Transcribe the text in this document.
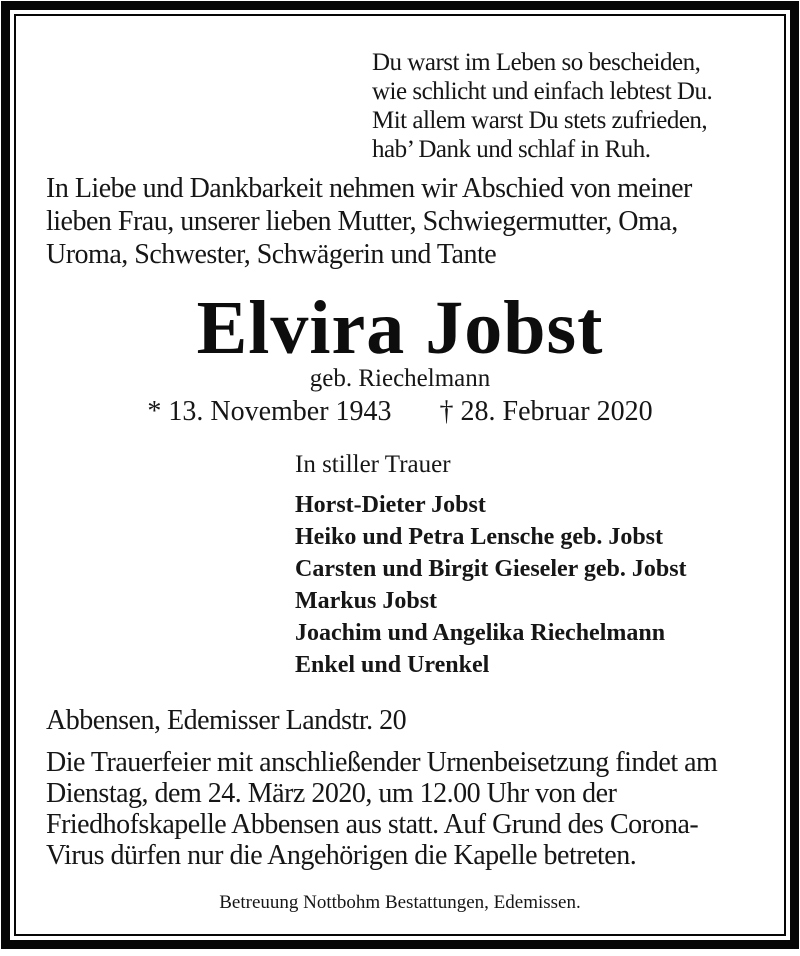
Du warst im Leben so bescheiden,
wie schlicht und einfach lebtest Du.
Mit allem warst Du stets zufrieden,
hab’ Dank und schlaf in Ruh.
In Liebe und Dankbarkeit nehmen wir Abschied von meiner
lieben Frau, unserer lieben Mutter, Schwiegermutter, Oma,
Uroma, Schwester, Schwägerin und Tante
Elvira Jobst
geb. Riechelmann
* 13. November 1943 † 28. Februar 2020
In stiller Trauer
Horst-Dieter Jobst
Heiko und Petra Lensche geb. Jobst
Carsten und Birgit Gieseler geb. Jobst
Markus Jobst
Joachim und Angelika Riechelmann
Enkel und Urenkel
Abbensen, Edemisser Landstr. 20
Die Trauerfeier mit anschließender Urnenbeisetzung findet am
Dienstag, dem 24. März 2020, um 12.00 Uhr von der
Friedhofskapelle Abbensen aus statt. Auf Grund des Corona-
Virus dürfen nur die Angehörigen die Kapelle betreten.
Betreuung Nottbohm Bestattungen, Edemissen.
